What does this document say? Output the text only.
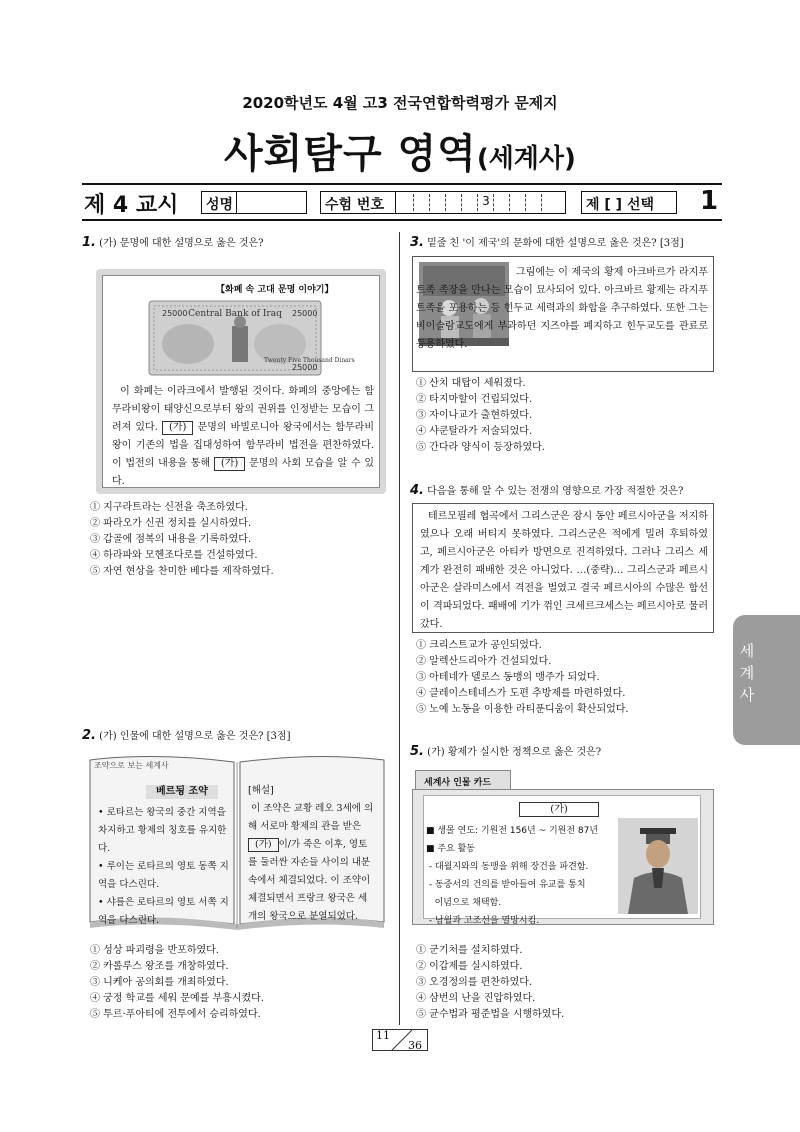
2020학년도 4월 고3 전국연합학력평가 문제지
사회탐구 영역(세계사)
제 4 교시 성명	수험 번호	3	제 [ ] 선택 1
1. (가) 문명에 대한 설명으로 옳은 것은?
【화폐 속 고대 문명 이야기】
Central Bank of Iraq
25000	25000
25000
Twenty Five Thousand Dinars
이 화폐는 이라크에서 발행된 것이다. 화폐의 중앙에는 함무라비왕이 태양신으로부터 왕의 권위를 인정받는 모습이 그려져 있다. (가) 문명의 바빌로니아 왕국에서는 함무라비왕이 기존의 법을 집대성하여 함무라비 법전을 편찬하였다. 이 법전의 내용을 통해 (가) 문명의 사회 모습을 알 수 있다.
① 지구라트라는 신전을 축조하였다.
② 파라오가 신권 정치를 실시하였다.
③ 갑골에 점복의 내용을 기록하였다.
④ 하라파와 모헨조다로를 건설하였다.
⑤ 자연 현상을 찬미한 베다를 제작하였다.
2. (가) 인물에 대한 설명으로 옳은 것은? [3점]
조약으로 보는 세계사
베르됭 조약
• 로타르는 왕국의 중간 지역을 차지하고 황제의 칭호를 유지한다.
• 루이는 로타르의 영토 동쪽 지역을 다스린다.
• 샤를은 로타르의 영토 서쪽 지역을 다스린다.
[해설]
이 조약은 교황 레오 3세에 의해 서로마 황제의 관을 받은 (가) 이/가 죽은 이후, 영토를 둘러싼 자손들 사이의 내분 속에서 체결되었다. 이 조약이 체결되면서 프랑크 왕국은 세 개의 왕국으로 분열되었다.
① 성상 파괴령을 반포하였다.
② 카롤루스 왕조를 개창하였다.
③ 니케아 공의회를 개최하였다.
④ 궁정 학교를 세워 문예를 부흥시켰다.
⑤ 투르·푸아티에 전투에서 승리하였다.
3. 밑줄 친 '이 제국'의 문화에 대한 설명으로 옳은 것은? [3점]
그림에는 이 제국의 황제 아크바르가 라지푸트족 족장을 만나는 모습이 묘사되어 있다. 아크바르 황제는 라지푸트족을 포용하는 등 힌두교 세력과의 화합을 추구하였다. 또한 그는 비이슬람교도에게 부과하던 지즈야를 폐지하고 힌두교도를 관료로 등용하였다.
① 산치 대탑이 세워졌다.
② 타지마할이 건립되었다.
③ 자이나교가 출현하였다.
④ 샤쿤탈라가 저술되었다.
⑤ 간다라 양식이 등장하였다.
4. 다음을 통해 알 수 있는 전쟁의 영향으로 가장 적절한 것은?
테르모필레 협곡에서 그리스군은 잠시 동안 페르시아군을 저지하였으나 오래 버티지 못하였다. 그리스군은 적에게 밀려 후퇴하였고, 페르시아군은 아티카 방면으로 진격하였다. 그러나 그리스 세계가 완전히 패배한 것은 아니었다. …(중략)… 그리스군과 페르시아군은 살라미스에서 격전을 벌였고 결국 페르시아의 수많은 함선이 격파되었다. 패배에 기가 꺾인 크세르크세스는 페르시아로 물러갔다.
① 크리스트교가 공인되었다.
② 알렉산드리아가 건설되었다.
③ 아테네가 델로스 동맹의 맹주가 되었다.
④ 클레이스테네스가 도편 추방제를 마련하였다.
⑤ 노예 노동을 이용한 라티푼디움이 확산되었다.
5. (가) 황제가 실시한 정책으로 옳은 것은?
세계사 인물 카드
(가)
■ 생몰 연도: 기원전 156년 ~ 기원전 87년
■ 주요 활동
- 대월지와의 동맹을 위해 장건을 파견함.
- 동중서의 건의를 받아들여 유교를 통치
이념으로 채택함.
- 남월과 고조선을 멸망시킴.
① 군기처를 설치하였다.
② 이갑제를 실시하였다.
③ 오경정의를 편찬하였다.
④ 삼번의 난을 진압하였다.
⑤ 균수법과 평준법을 시행하였다.
세계사
11
36
